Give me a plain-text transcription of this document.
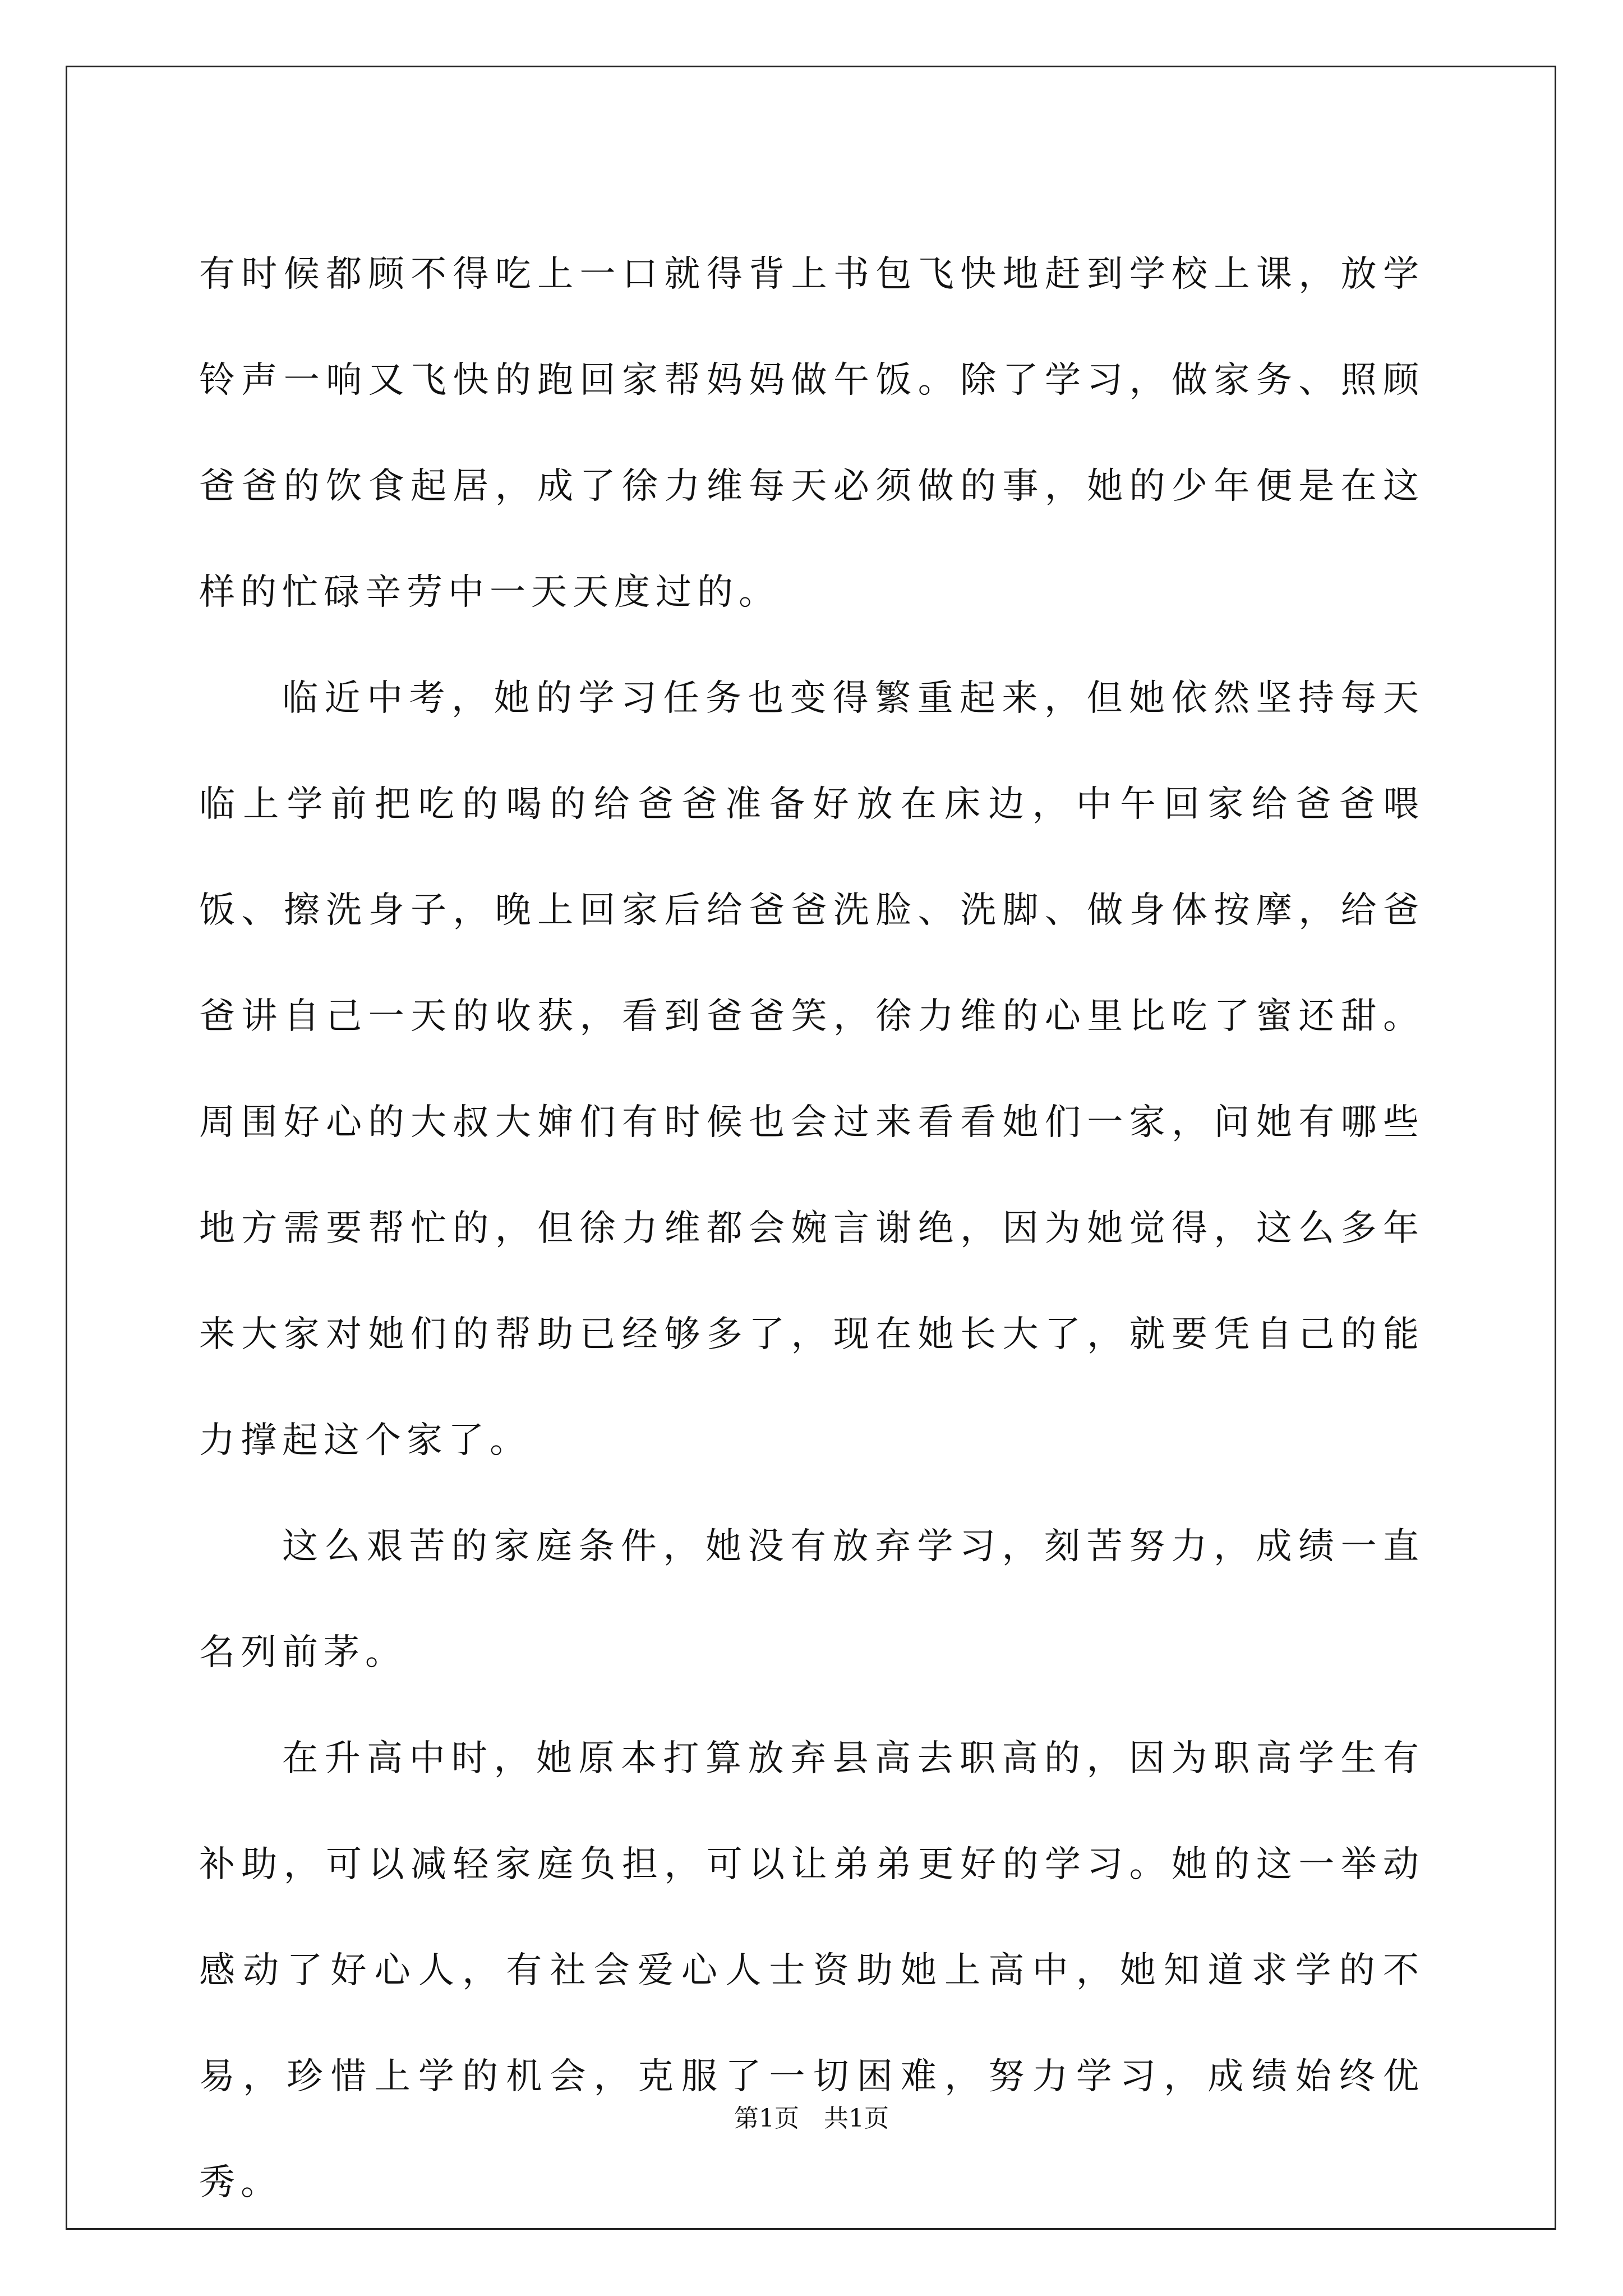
有时候都顾不得吃上一口就得背上书包飞快地赶到学校上课，放学铃声一响又飞快的跑回家帮妈妈做午饭。除了学习，做家务、照顾爸爸的饮食起居，成了徐力维每天必须做的事，她的少年便是在这样的忙碌辛劳中一天天度过的。

临近中考，她的学习任务也变得繁重起来，但她依然坚持每天临上学前把吃的喝的给爸爸准备好放在床边，中午回家给爸爸喂饭、擦洗身子，晚上回家后给爸爸洗脸、洗脚、做身体按摩，给爸爸讲自己一天的收获，看到爸爸笑，徐力维的心里比吃了蜜还甜。周围好心的大叔大婶们有时候也会过来看看她们一家，问她有哪些地方需要帮忙的，但徐力维都会婉言谢绝，因为她觉得，这么多年来大家对她们的帮助已经够多了，现在她长大了，就要凭自己的能力撑起这个家了。

这么艰苦的家庭条件，她没有放弃学习，刻苦努力，成绩一直名列前茅。

在升高中时，她原本打算放弃县高去职高的，因为职高学生有补助，可以减轻家庭负担，可以让弟弟更好的学习。她的这一举动感动了好心人，有社会爱心人士资助她上高中，她知道求学的不易，珍惜上学的机会，克服了一切困难，努力学习，成绩始终优秀。

第1页　共1页
